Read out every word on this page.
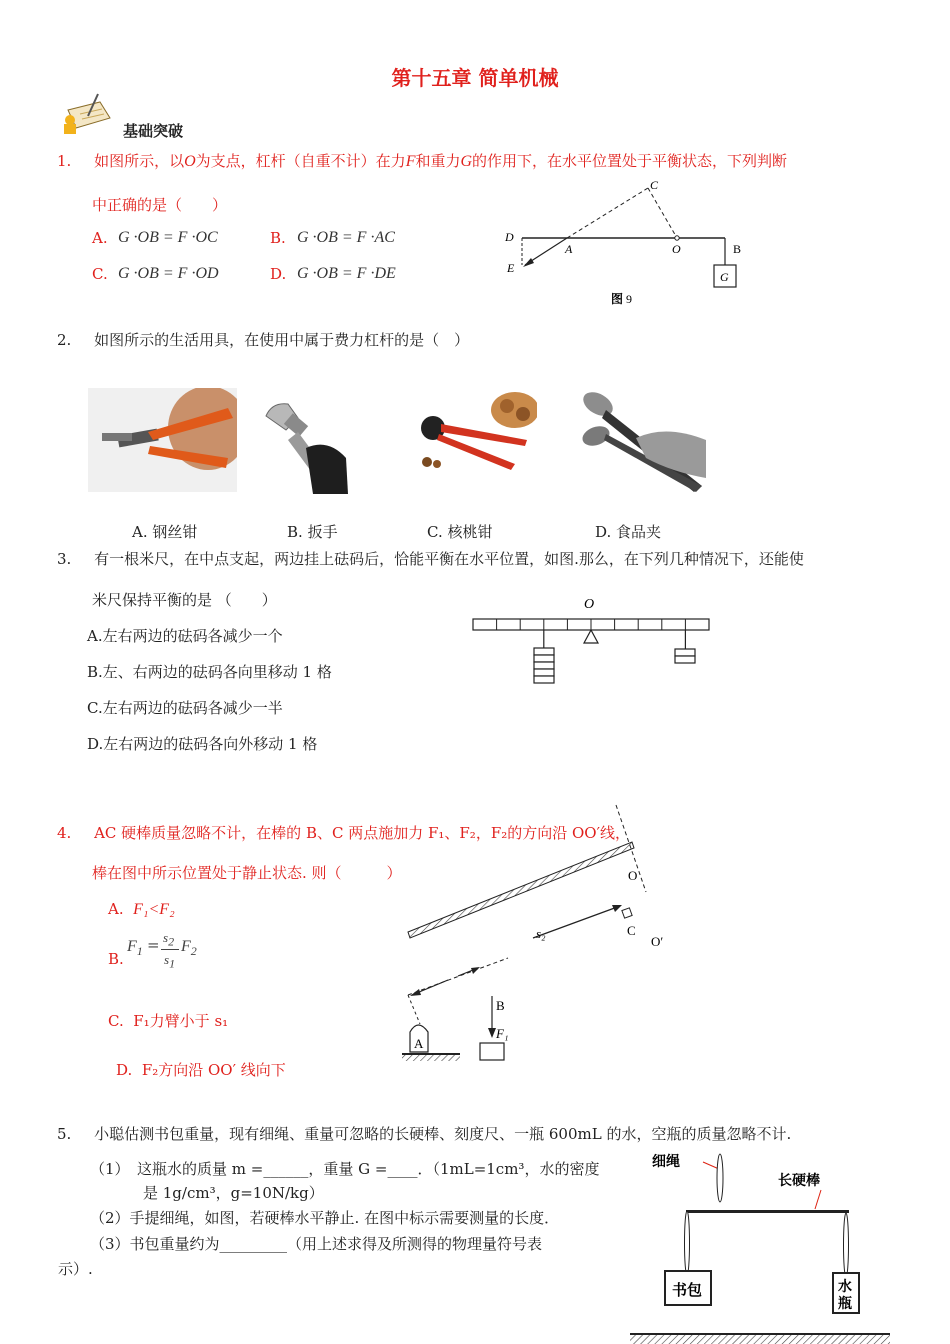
第十五章 简单机械
基础突破
1. 如图所示，以O为支点，杠杆（自重不计）在力F和重力G的作用下，在水平位置处于平衡状态，下列判断
中正确的是（　　）
A. G ·OB = F ·OC	B. G ·OB = F ·AC
C. G ·OB = F ·OD	D. G ·OB = F ·DE
C
D
A	O	B
E
G
图 9
2. 如图所示的生活用具，在使用中属于费力杠杆的是（　）
A. 钢丝钳	B. 扳手	C. 核桃钳	D. 食品夹
3. 有一根米尺，在中点支起，两边挂上砝码后，恰能平衡在水平位置，如图.那么，在下列几种情况下，还能使
米尺保持平衡的是 （　　）
A.左右两边的砝码各减少一个
B.左、右两边的砝码各向里移动 1 格
C.左右两边的砝码各减少一半
D.左右两边的砝码各向外移动 1 格
O
4. AC 硬棒质量忽略不计，在棒的 B、C 两点施加力 F₁、F₂，F₂的方向沿 OO′线，
棒在图中所示位置处于静止状态. 则（　　　）
A. F₁<F₂
B.
$F_1 = s_2$
$s_1$
$F_2$
C. F₁力臂小于 s₁
D. F₂方向沿 OO′ 线向下
O
C
O′
s₂
A
B
F₁
5. 小聪估测书包重量，现有细绳、重量可忽略的长硬棒、刻度尺、一瓶 600mL 的水，空瓶的质量忽略不计.
（1）　这瓶水的质量 m =______，重量 G =____．（1mL=1cm³，水的密度
是 1g/cm³，g=10N/kg）
（2）手提细绳，如图，若硬棒水平静止. 在图中标示需要测量的长度．
（3）书包重量约为_________（用上述求得及所测得的物理量符号表
示）.
细绳
长硬棒
书包	水
瓶
